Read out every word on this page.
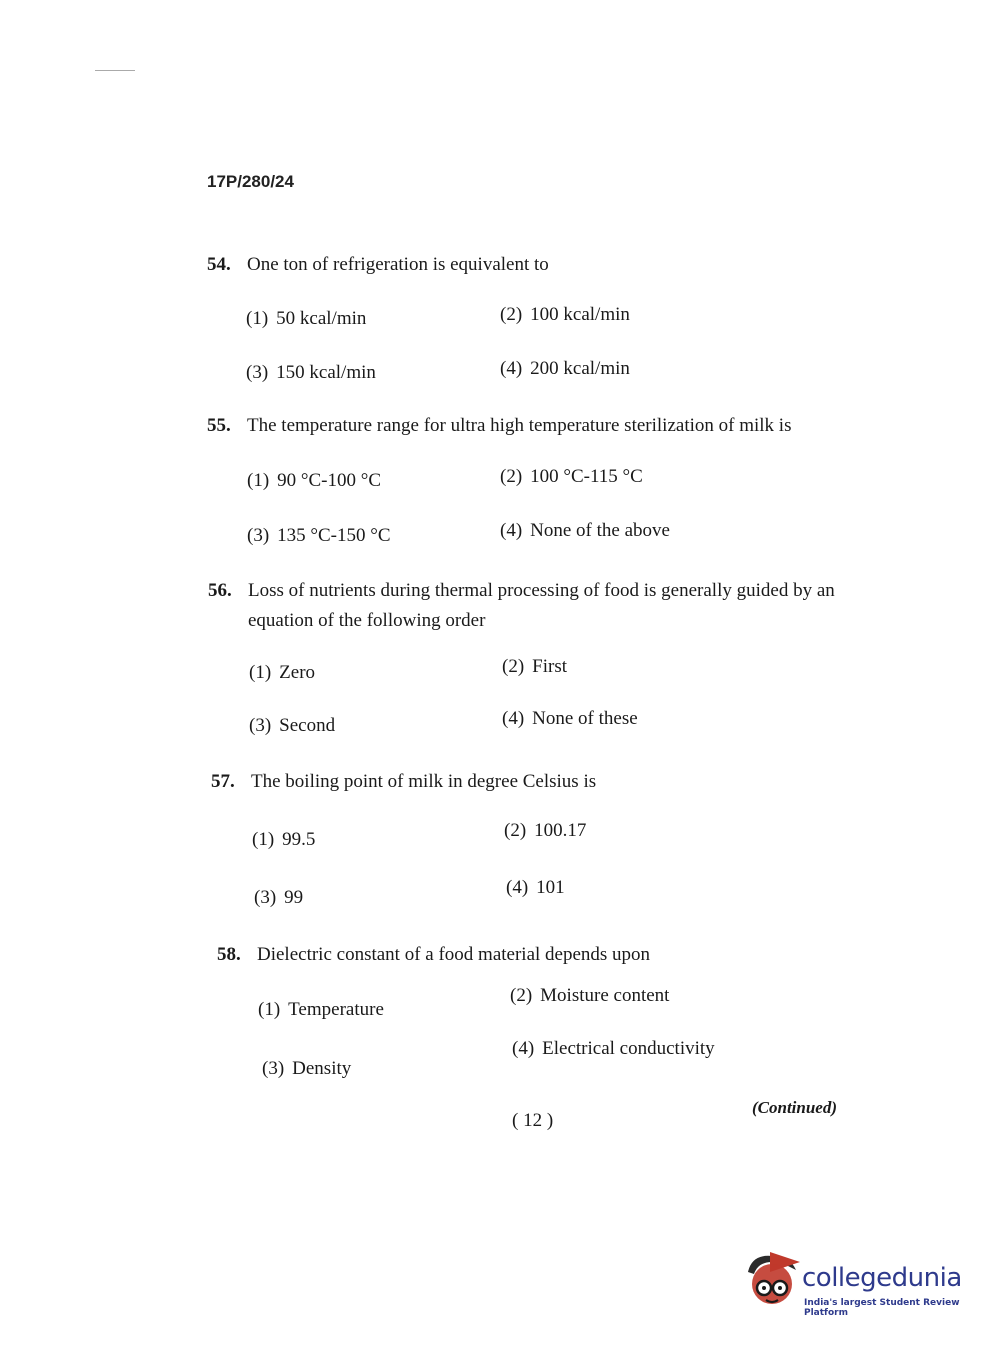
17P/280/24
54. One ton of refrigeration is equivalent to
(1) 50 kcal/min	(2) 100 kcal/min
(3) 150 kcal/min	(4) 200 kcal/min
55. The temperature range for ultra high temperature sterilization of milk is
(1) 90 °C-100 °C	(2) 100 °C-115 °C
(3) 135 °C-150 °C	(4) None of the above
56. Loss of nutrients during thermal processing of food is generally guided by an
equation of the following order
(1) Zero	(2) First
(3) Second	(4) None of these
57. The boiling point of milk in degree Celsius is
(1) 99.5	(2) 100.17
(3) 99	(4) 101
58. Dielectric constant of a food material depends upon
(1) Temperature
(2) Moisture content
(3) Density
(4) Electrical conductivity
( 12 )
(Continued)
collegedunia
India's largest Student Review Platform
